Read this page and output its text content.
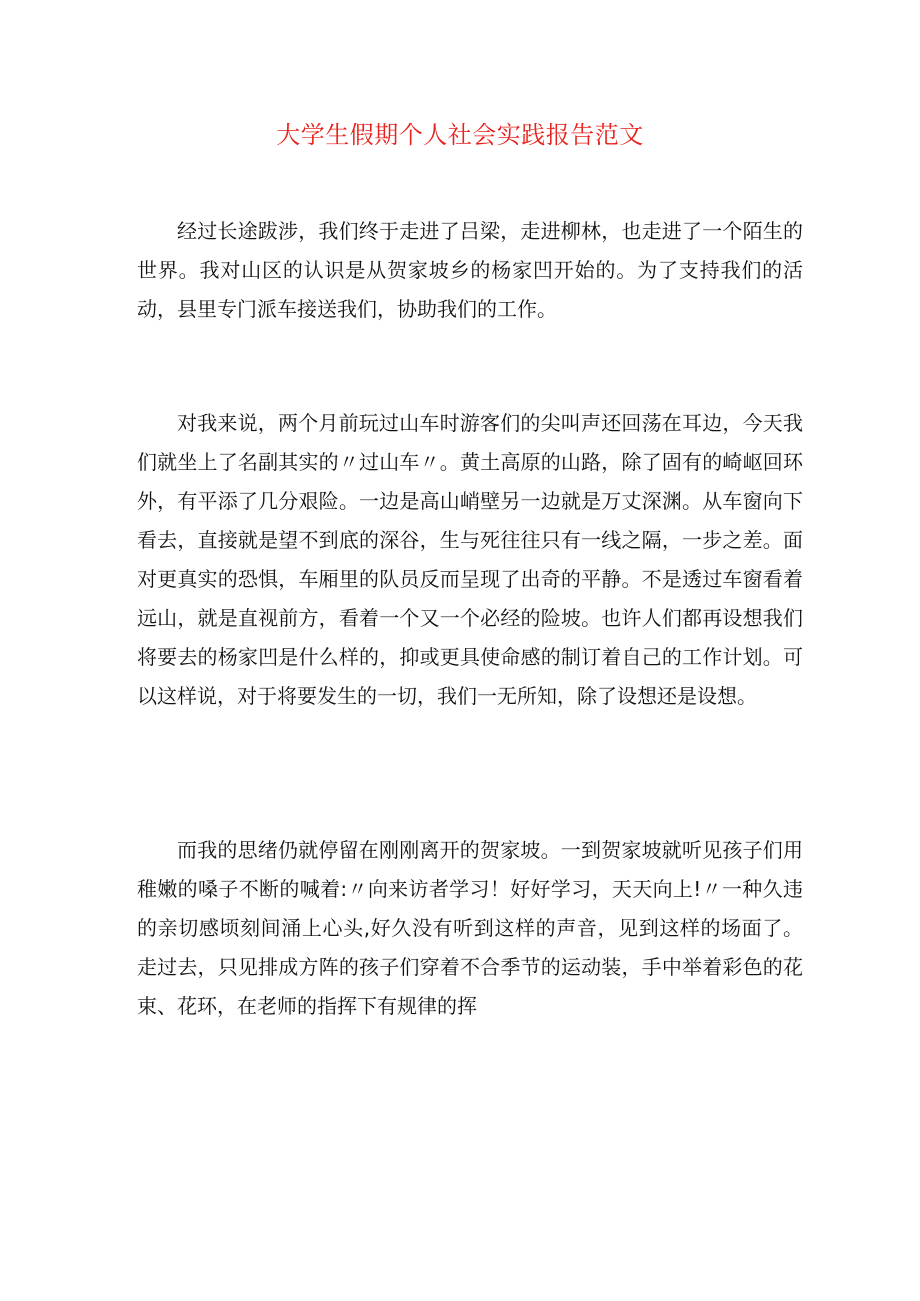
大学生假期个人社会实践报告范文

经过长途跋涉，我们终于走进了吕梁，走进柳林，也走进了一个陌生的世界。我对山区的认识是从贺家坡乡的杨家凹开始的。为了支持我们的活动，县里专门派车接送我们，协助我们的工作。

对我来说，两个月前玩过山车时游客们的尖叫声还回荡在耳边，今天我们就坐上了名副其实的〃过山车〃。黄土高原的山路，除了固有的崎岖回环外，有平添了几分艰险。一边是高山峭壁另一边就是万丈深渊。从车窗向下看去，直接就是望不到底的深谷，生与死往往只有一线之隔，一步之差。面对更真实的恐惧，车厢里的队员反而呈现了出奇的平静。不是透过车窗看着远山，就是直视前方，看着一个又一个必经的险坡。也许人们都再设想我们将要去的杨家凹是什么样的，抑或更具使命感的制订着自己的工作计划。可以这样说，对于将要发生的一切，我们一无所知，除了设想还是设想。

而我的思绪仍就停留在刚刚离开的贺家坡。一到贺家坡就听见孩子们用稚嫩的嗓子不断的喊着:〃向来访者学习！好好学习，天天向上!〃一种久违的亲切感顷刻间涌上心头,好久没有听到这样的声音，见到这样的场面了。走过去，只见排成方阵的孩子们穿着不合季节的运动装，手中举着彩色的花束、花环，在老师的指挥下有规律的挥
